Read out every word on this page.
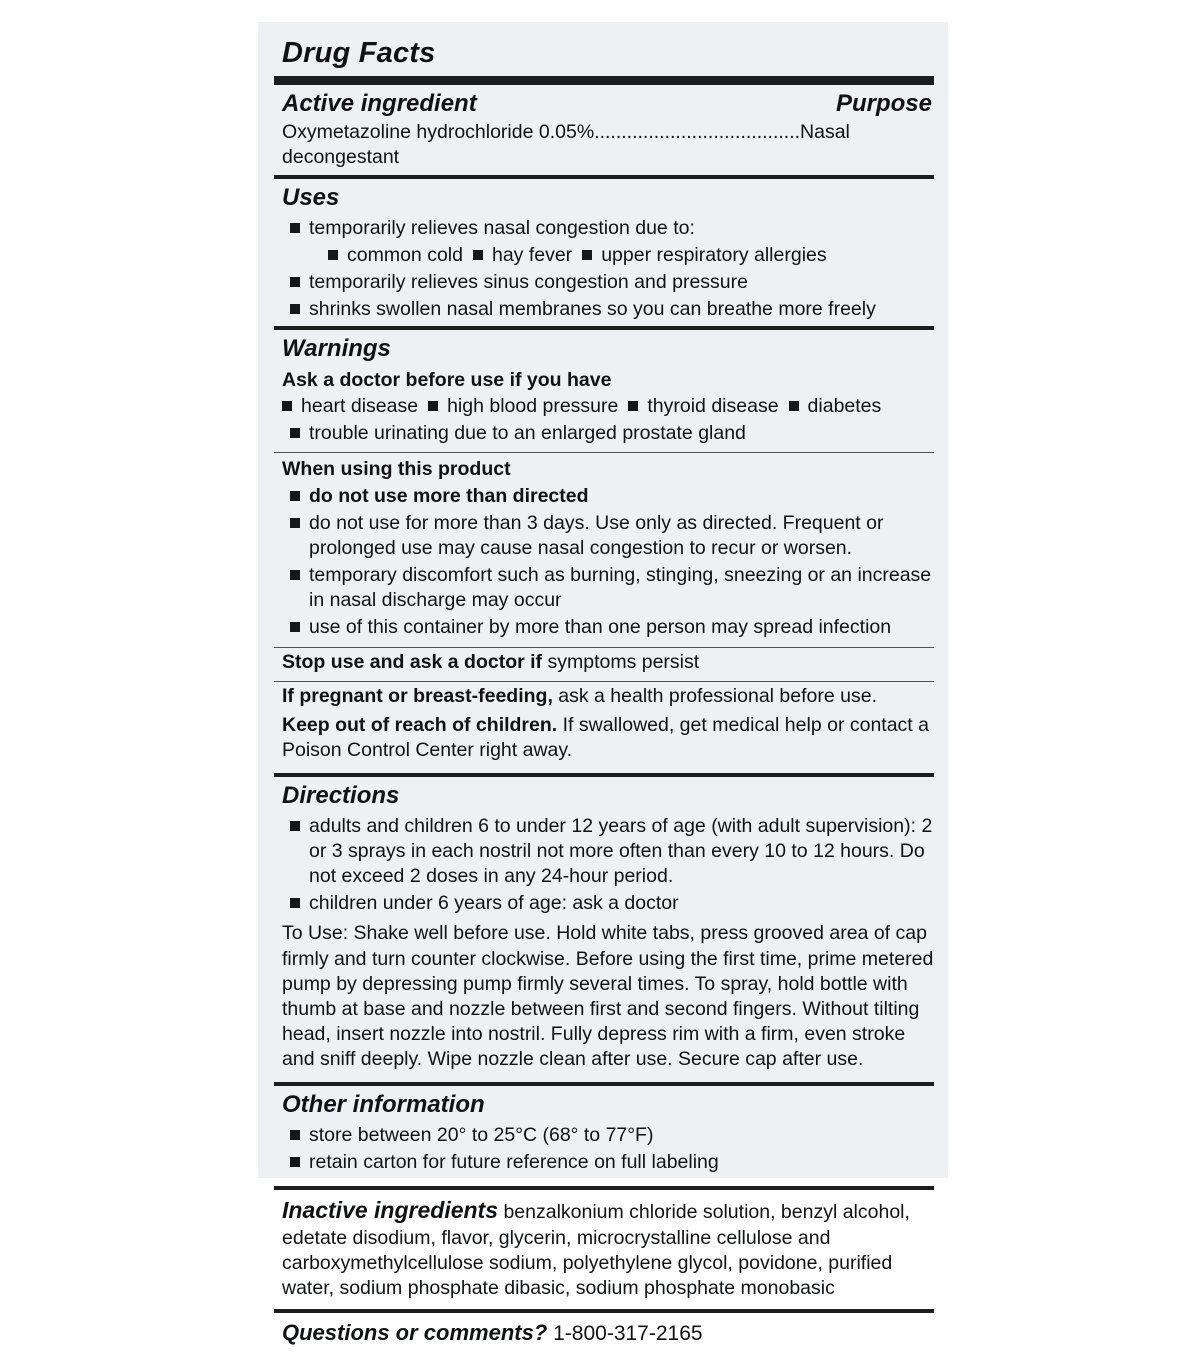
Drug Facts
Active ingredient	Purpose
Oxymetazoline hydrochloride 0.05%......................................Nasal decongestant
Uses
temporarily relieves nasal congestion due to:
common cold hay fever upper respiratory allergies
temporarily relieves sinus congestion and pressure
shrinks swollen nasal membranes so you can breathe more freely
Warnings
Ask a doctor before use if you have
heart disease high blood pressure thyroid disease diabetes
trouble urinating due to an enlarged prostate gland
When using this product
do not use more than directed
do not use for more than 3 days. Use only as directed. Frequent or prolonged use may cause nasal congestion to recur or worsen.
temporary discomfort such as burning, stinging, sneezing or an increase in nasal discharge may occur
use of this container by more than one person may spread infection
Stop use and ask a doctor if symptoms persist
If pregnant or breast-feeding, ask a health professional before use.
Keep out of reach of children. If swallowed, get medical help or contact a Poison Control Center right away.
Directions
adults and children 6 to under 12 years of age (with adult supervision): 2 or 3 sprays in each nostril not more often than every 10 to 12 hours. Do not exceed 2 doses in any 24-hour period.
children under 6 years of age: ask a doctor
To Use: Shake well before use. Hold white tabs, press grooved area of cap firmly and turn counter clockwise. Before using the first time, prime metered pump by depressing pump firmly several times. To spray, hold bottle with thumb at base and nozzle between first and second fingers. Without tilting head, insert nozzle into nostril. Fully depress rim with a firm, even stroke and sniff deeply. Wipe nozzle clean after use. Secure cap after use.
Other information
store between 20° to 25°C (68° to 77°F)
retain carton for future reference on full labeling
Inactive ingredients benzalkonium chloride solution, benzyl alcohol, edetate disodium, flavor, glycerin, microcrystalline cellulose and carboxymethylcellulose sodium, polyethylene glycol, povidone, purified water, sodium phosphate dibasic, sodium phosphate monobasic
Questions or comments? 1-800-317-2165
